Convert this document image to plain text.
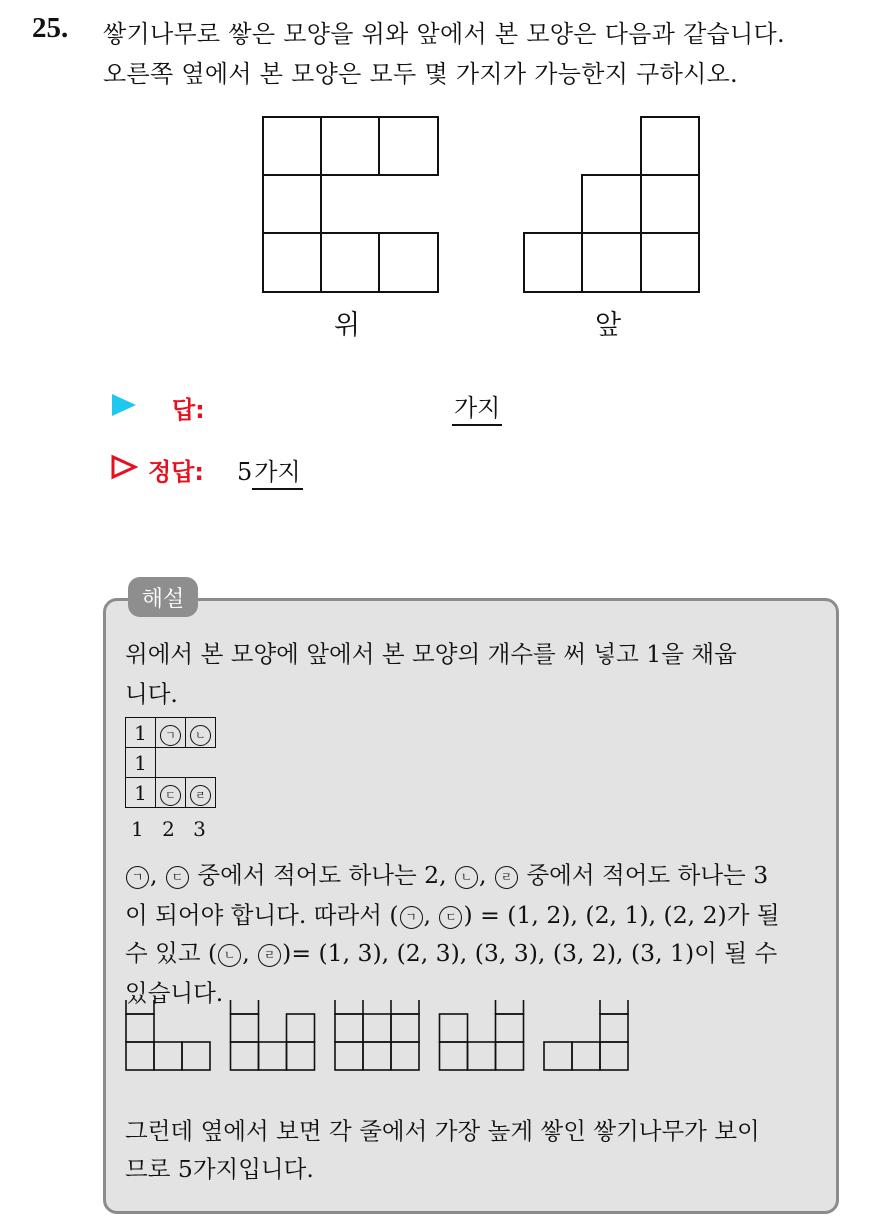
25. 쌓기나무로 쌓은 모양을 위와 앞에서 본 모양은 다음과 같습니다.
오른쪽 옆에서 본 모양은 모두 몇 가지가 가능한지 구하시오.
위	앞
답:	가지
정답: 5가지
해설
위에서 본 모양에 앞에서 본 모양의 개수를 써 넣고 1을 채웁
니다.
1	ㄱ	ㄴ
1		
1	ㄷ	ㄹ
1 2 3
ㄱ , ㄷ 중에서 적어도 하나는 2, ㄴ , ㄹ 중에서 적어도 하나는 3
이 되어야 합니다. 따라서 ( ㄱ , ㄷ ) = (1, 2), (2, 1), (2, 2)가 될
수 있고 ( ㄴ , ㄹ )= (1, 3), (2, 3), (3, 3), (3, 2), (3, 1)이 될 수
있습니다.
그런데 옆에서 보면 각 줄에서 가장 높게 쌓인 쌓기나무가 보이
므로 5가지입니다.
